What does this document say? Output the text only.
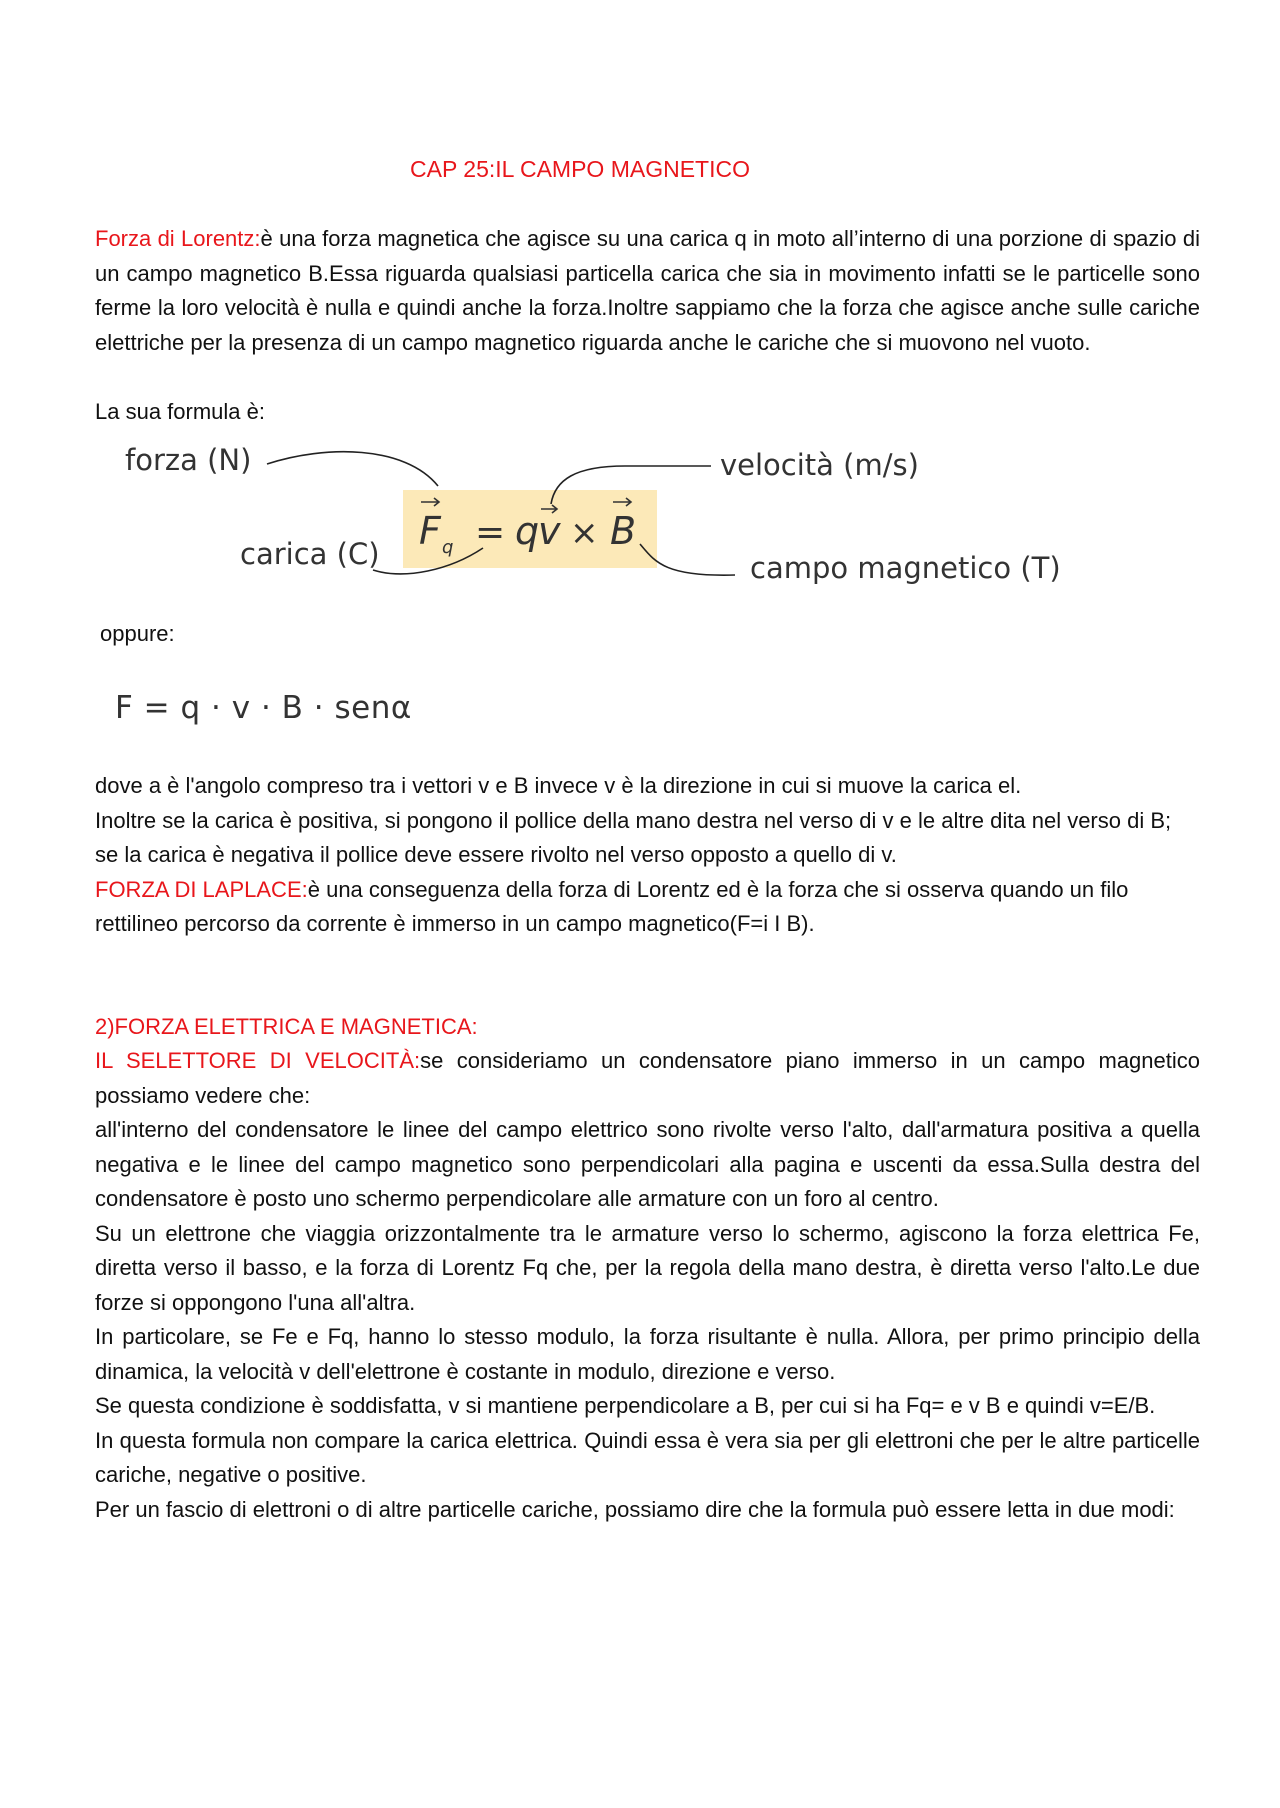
CAP 25:IL CAMPO MAGNETICO

Forza di Lorentz:è una forza magnetica che agisce su una carica q in moto all’interno di una porzione di spazio di un campo magnetico B.Essa riguarda qualsiasi particella carica che sia in movimento infatti se le particelle sono ferme la loro velocità è nulla e quindi anche la forza.Inoltre sappiamo che la forza che agisce anche sulle cariche elettriche per la presenza di un campo magnetico riguarda anche le cariche che si muovono nel vuoto.

La sua formula è:
forza (N)	velocità (m/s)
carica (C)	campo magnetico (T)
F q = q
v × B
oppure:
F = q · v · B · senα

dove a è l'angolo compreso tra i vettori v e B invece v è la direzione in cui si muove la carica el.

Inoltre se la carica è positiva, si pongono il pollice della mano destra nel verso di v e le altre dita nel verso di B;

se la carica è negativa il pollice deve essere rivolto nel verso opposto a quello di v.

FORZA DI LAPLACE:è una conseguenza della forza di Lorentz ed è la forza che si osserva quando un filo rettilineo percorso da corrente è immerso in un campo magnetico(F=i I B).

2)FORZA ELETTRICA E MAGNETICA:

IL SELETTORE DI VELOCITÀ:se consideriamo un condensatore piano immerso in un campo magnetico possiamo vedere che:

all'interno del condensatore le linee del campo elettrico sono rivolte verso l'alto, dall'armatura positiva a quella negativa e le linee del campo magnetico sono perpendicolari alla pagina e uscenti da essa.Sulla destra del condensatore è posto uno schermo perpendicolare alle armature con un foro al centro.

Su un elettrone che viaggia orizzontalmente tra le armature verso lo schermo, agiscono la forza elettrica Fe, diretta verso il basso, e la forza di Lorentz Fq che, per la regola della mano destra, è diretta verso l'alto.Le due forze si oppongono l'una all'altra.

In particolare, se Fe e Fq, hanno lo stesso modulo, la forza risultante è nulla. Allora, per primo principio della dinamica, la velocità v dell'elettrone è costante in modulo, direzione e verso.

Se questa condizione è soddisfatta, v si mantiene perpendicolare a B, per cui si ha Fq= e v B e quindi v=E/B.

In questa formula non compare la carica elettrica. Quindi essa è vera sia per gli elettroni che per le altre particelle cariche, negative o positive.

Per un fascio di elettroni o di altre particelle cariche, possiamo dire che la formula può essere letta in due modi:
